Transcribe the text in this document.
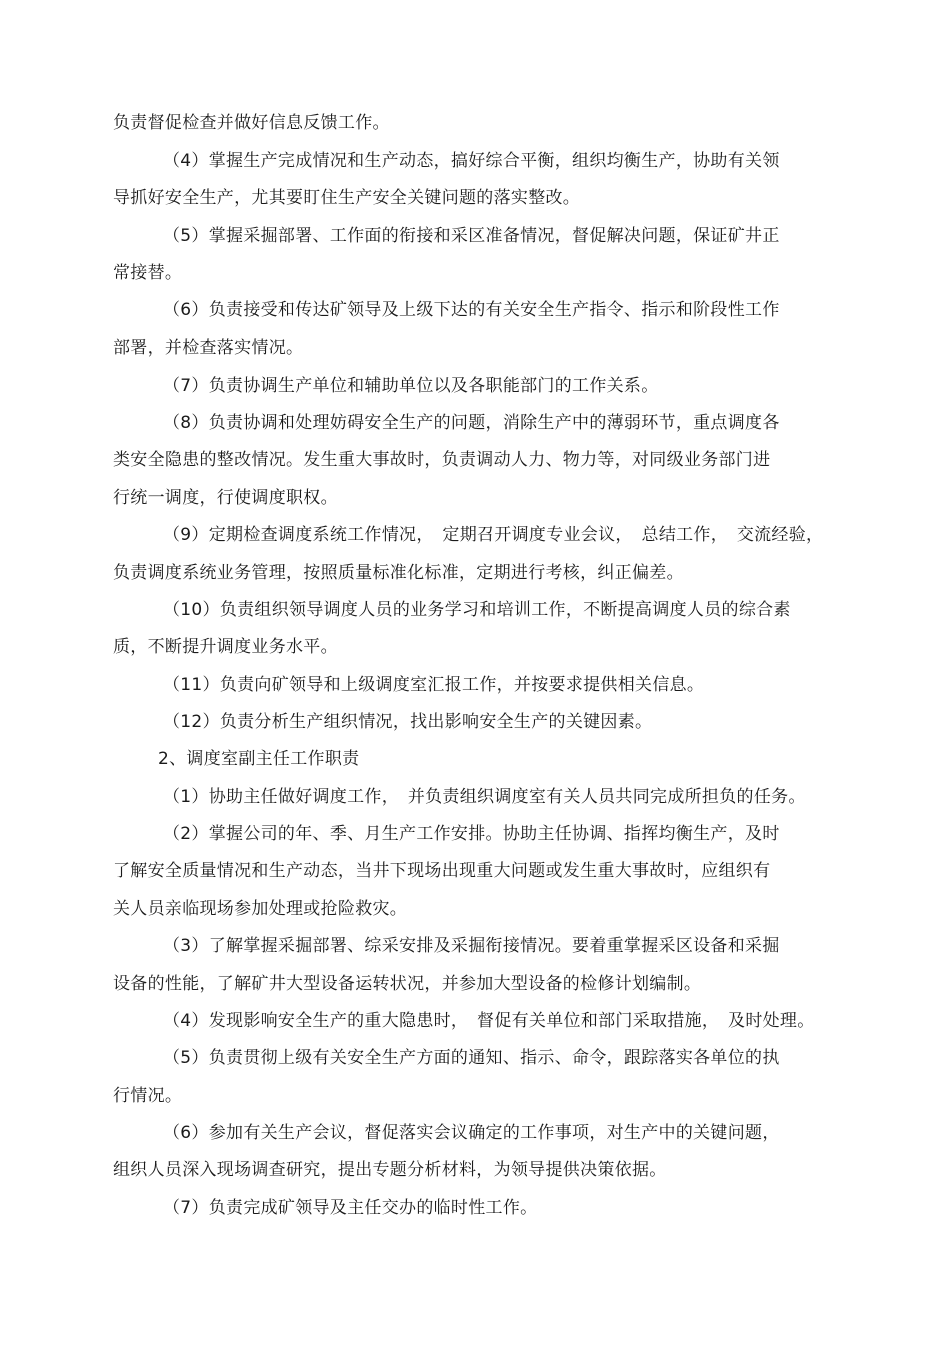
负责督促检查并做好信息反馈工作。
（4）掌握生产完成情况和生产动态，搞好综合平衡，组织均衡生产，协助有关领
导抓好安全生产，尤其要盯住生产安全关键问题的落实整改。
（5）掌握采掘部署、工作面的衔接和采区准备情况，督促解决问题，保证矿井正
常接替。
（6）负责接受和传达矿领导及上级下达的有关安全生产指令、指示和阶段性工作
部署，并检查落实情况。
（7）负责协调生产单位和辅助单位以及各职能部门的工作关系。
（8）负责协调和处理妨碍安全生产的问题，消除生产中的薄弱环节，重点调度各
类安全隐患的整改情况。发生重大事故时，负责调动人力、物力等，对同级业务部门进
行统一调度，行使调度职权。
（9）定期检查调度系统工作情况，　定期召开调度专业会议，　总结工作，　交流经验，
负责调度系统业务管理，按照质量标准化标准，定期进行考核，纠正偏差。
（10）负责组织领导调度人员的业务学习和培训工作，不断提高调度人员的综合素
质，不断提升调度业务水平。
（11）负责向矿领导和上级调度室汇报工作，并按要求提供相关信息。
（12）负责分析生产组织情况，找出影响安全生产的关键因素。
2、调度室副主任工作职责
（1）协助主任做好调度工作，　并负责组织调度室有关人员共同完成所担负的任务。
（2）掌握公司的年、季、月生产工作安排。协助主任协调、指挥均衡生产，及时
了解安全质量情况和生产动态，当井下现场出现重大问题或发生重大事故时，应组织有
关人员亲临现场参加处理或抢险救灾。
（3）了解掌握采掘部署、综采安排及采掘衔接情况。要着重掌握采区设备和采掘
设备的性能，了解矿井大型设备运转状况，并参加大型设备的检修计划编制。
（4）发现影响安全生产的重大隐患时，　督促有关单位和部门采取措施，　及时处理。
（5）负责贯彻上级有关安全生产方面的通知、指示、命令，跟踪落实各单位的执
行情况。
（6）参加有关生产会议，督促落实会议确定的工作事项，对生产中的关键问题，
组织人员深入现场调查研究，提出专题分析材料，为领导提供决策依据。
（7）负责完成矿领导及主任交办的临时性工作。
